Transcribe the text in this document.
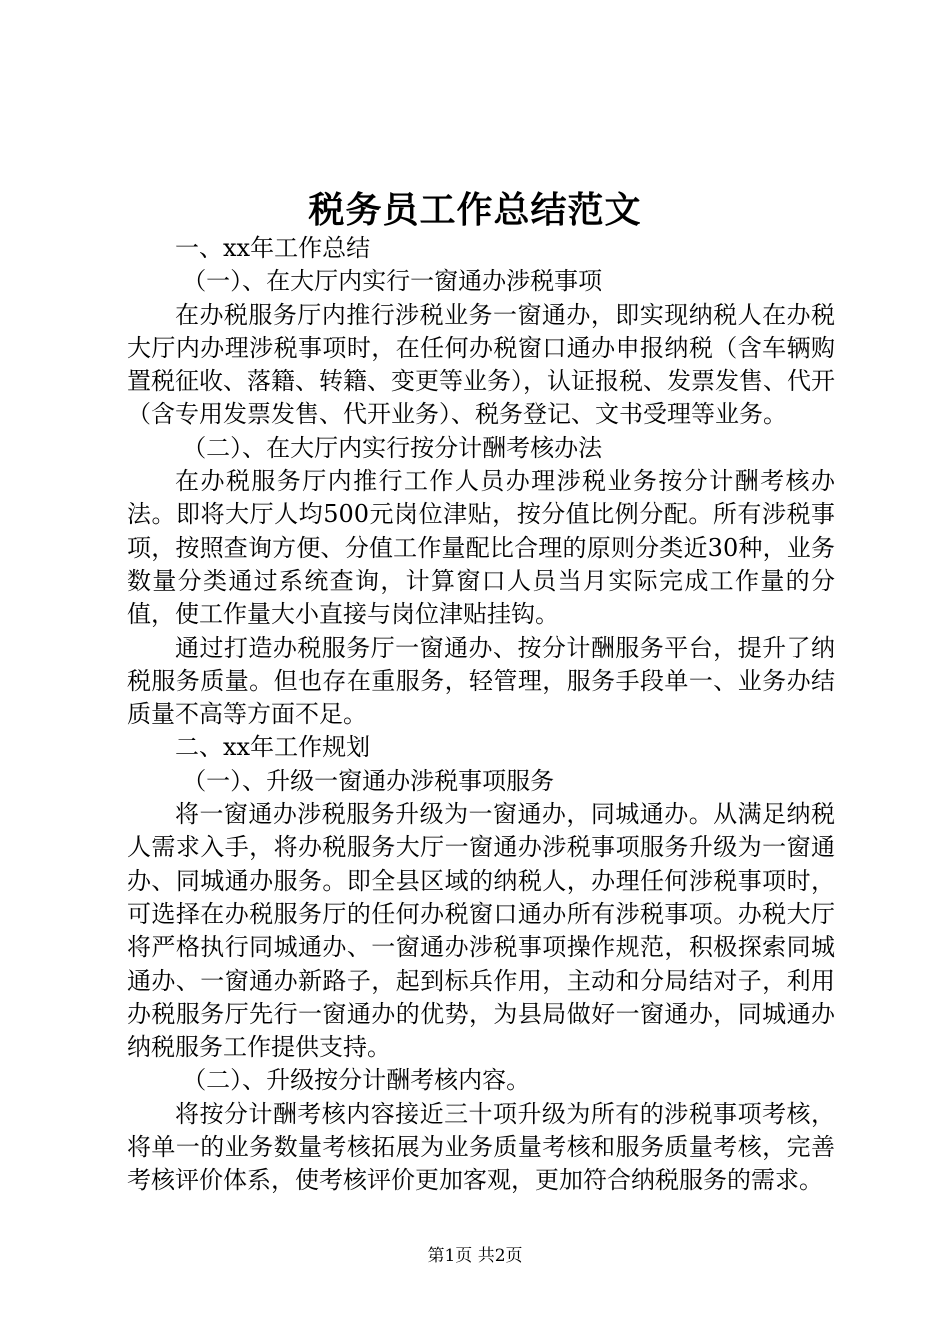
税务员工作总结范文

一、xx年工作总结

（一）、在大厅内实行一窗通办涉税事项

在办税服务厅内推行涉税业务一窗通办，即实现纳税人在办税大厅内办理涉税事项时，在任何办税窗口通办申报纳税（含车辆购置税征收、落籍、转籍、变更等业务），认证报税、发票发售、代开（含专用发票发售、代开业务）、税务登记、文书受理等业务。

（二）、在大厅内实行按分计酬考核办法

在办税服务厅内推行工作人员办理涉税业务按分计酬考核办法。即将大厅人均500元岗位津贴，按分值比例分配。所有涉税事项，按照查询方便、分值工作量配比合理的原则分类近30种，业务数量分类通过系统查询，计算窗口人员当月实际完成工作量的分值，使工作量大小直接与岗位津贴挂钩。

通过打造办税服务厅一窗通办、按分计酬服务平台，提升了纳税服务质量。但也存在重服务，轻管理，服务手段单一、业务办结质量不高等方面不足。

二、xx年工作规划

（一）、升级一窗通办涉税事项服务

将一窗通办涉税服务升级为一窗通办，同城通办。从满足纳税人需求入手，将办税服务大厅一窗通办涉税事项服务升级为一窗通办、同城通办服务。即全县区域的纳税人，办理任何涉税事项时，可选择在办税服务厅的任何办税窗口通办所有涉税事项。办税大厅将严格执行同城通办、一窗通办涉税事项操作规范，积极探索同城通办、一窗通办新路子，起到标兵作用，主动和分局结对子，利用办税服务厅先行一窗通办的优势，为县局做好一窗通办，同城通办纳税服务工作提供支持。

（二）、升级按分计酬考核内容。

将按分计酬考核内容接近三十项升级为所有的涉税事项考核，将单一的业务数量考核拓展为业务质量考核和服务质量考核，完善考核评价体系，使考核评价更加客观，更加符合纳税服务的需求。

第1页 共2页
